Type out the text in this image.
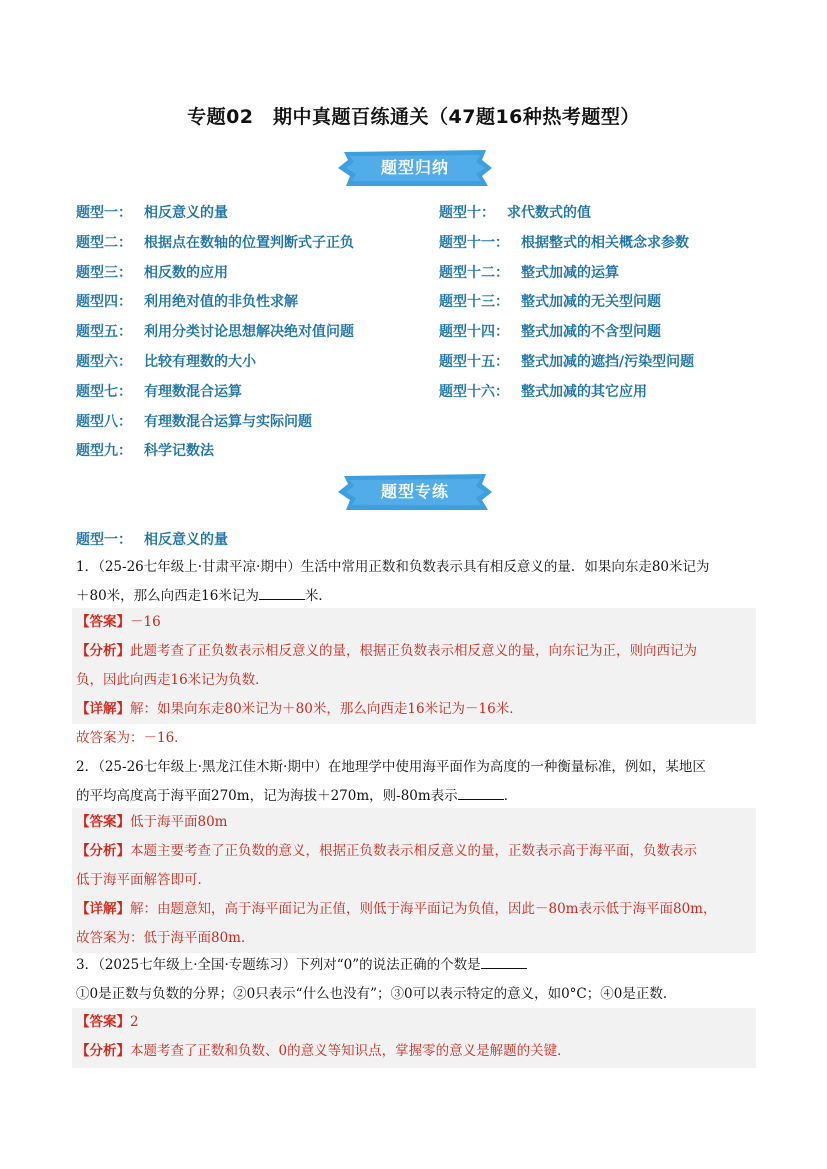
专题02　期中真题百练通关（47题16种热考题型）
题型归纳
题型一： 相反意义的量
题型二： 根据点在数轴的位置判断式子正负
题型三： 相反数的应用
题型四： 利用绝对值的非负性求解
题型五： 利用分类讨论思想解决绝对值问题
题型六： 比较有理数的大小
题型七： 有理数混合运算
题型八： 有理数混合运算与实际问题
题型九： 科学记数法
题型十： 求代数式的值
题型十一： 根据整式的相关概念求参数
题型十二： 整式加减的运算
题型十三： 整式加减的无关型问题
题型十四： 整式加减的不含型问题
题型十五： 整式加减的遮挡/污染型问题
题型十六： 整式加减的其它应用
题型专练
题型一： 相反意义的量
1．（25-26七年级上·甘肃平凉·期中）生活中常用正数和负数表示具有相反意义的量．如果向东走80米记为
＋80米，那么向西走16米记为	米．
【答案】－16
【分析】此题考查了正负数表示相反意义的量，根据正负数表示相反意义的量，向东记为正，则向西记为
负，因此向西走16米记为负数．
【详解】解：如果向东走80米记为＋80米，那么向西走16米记为－16米．
故答案为：－16．
2．（25-26七年级上·黑龙江佳木斯·期中）在地理学中使用海平面作为高度的一种衡量标准，例如，某地区
的平均高度高于海平面270m，记为海拔＋270m，则-80m表示	．
【答案】低于海平面80m
【分析】本题主要考查了正负数的意义，根据正负数表示相反意义的量，正数表示高于海平面，负数表示
低于海平面解答即可．
【详解】解：由题意知，高于海平面记为正值，则低于海平面记为负值，因此－80m表示低于海平面80m，
故答案为：低于海平面80m．
3．（2025七年级上·全国·专题练习）下列对“0”的说法正确的个数是
①0是正数与负数的分界；②0只表示“什么也没有”；③0可以表示特定的意义，如0°C；④0是正数．
【答案】2
【分析】本题考查了正数和负数、0的意义等知识点，掌握零的意义是解题的关键．
